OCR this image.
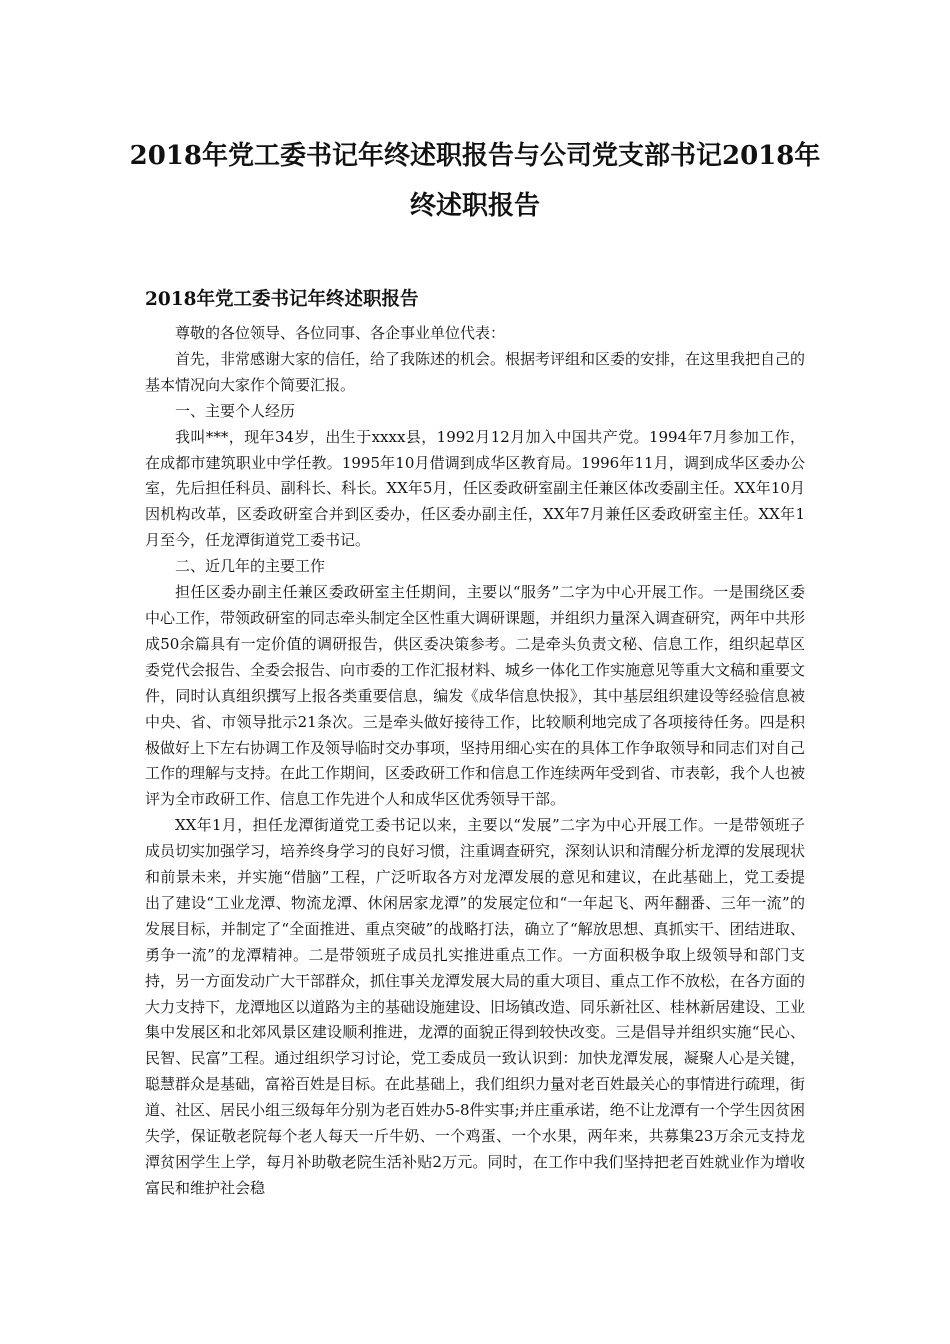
2018年党工委书记年终述职报告与公司党支部书记2018年终述职报告
2018年党工委书记年终述职报告

尊敬的各位领导、各位同事、各企事业单位代表：

首先，非常感谢大家的信任，给了我陈述的机会。根据考评组和区委的安排，在这里我把自己的基本情况向大家作个简要汇报。

一、主要个人经历

我叫***，现年34岁，出生于xxxx县，1992月12月加入中国共产党。1994年7月参加工作，在成都市建筑职业中学任教。1995年10月借调到成华区教育局。1996年11月，调到成华区委办公室，先后担任科员、副科长、科长。XX年5月，任区委政研室副主任兼区体改委副主任。XX年10月因机构改革，区委政研室合并到区委办，任区委办副主任，XX年7月兼任区委政研室主任。XX年1月至今，任龙潭街道党工委书记。

二、近几年的主要工作

担任区委办副主任兼区委政研室主任期间，主要以“服务”二字为中心开展工作。一是围绕区委中心工作，带领政研室的同志牵头制定全区性重大调研课题，并组织力量深入调查研究，两年中共形成50余篇具有一定价值的调研报告，供区委决策参考。二是牵头负责文秘、信息工作，组织起草区委党代会报告、全委会报告、向市委的工作汇报材料、城乡一体化工作实施意见等重大文稿和重要文件，同时认真组织撰写上报各类重要信息，编发《成华信息快报》，其中基层组织建设等经验信息被中央、省、市领导批示21条次。三是牵头做好接待工作，比较顺利地完成了各项接待任务。四是积极做好上下左右协调工作及领导临时交办事项，坚持用细心实在的具体工作争取领导和同志们对自己工作的理解与支持。在此工作期间，区委政研工作和信息工作连续两年受到省、市表彰，我个人也被评为全市政研工作、信息工作先进个人和成华区优秀领导干部。

XX年1月，担任龙潭街道党工委书记以来，主要以“发展”二字为中心开展工作。一是带领班子成员切实加强学习，培养终身学习的良好习惯，注重调查研究，深刻认识和清醒分析龙潭的发展现状和前景未来，并实施“借脑”工程，广泛听取各方对龙潭发展的意见和建议，在此基础上，党工委提出了建设“工业龙潭、物流龙潭、休闲居家龙潭”的发展定位和“一年起飞、两年翻番、三年一流”的发展目标，并制定了“全面推进、重点突破”的战略打法，确立了“解放思想、真抓实干、团结进取、勇争一流”的龙潭精神。二是带领班子成员扎实推进重点工作。一方面积极争取上级领导和部门支持，另一方面发动广大干部群众，抓住事关龙潭发展大局的重大项目、重点工作不放松，在各方面的大力支持下，龙潭地区以道路为主的基础设施建设、旧场镇改造、同乐新社区、桂林新居建设、工业集中发展区和北郊风景区建设顺利推进，龙潭的面貌正得到较快改变。三是倡导并组织实施“民心、民智、民富”工程。通过组织学习讨论，党工委成员一致认识到：加快龙潭发展，凝聚人心是关键，聪慧群众是基础，富裕百姓是目标。在此基础上，我们组织力量对老百姓最关心的事情进行疏理，街道、社区、居民小组三级每年分别为老百姓办5-8件实事;并庄重承诺，绝不让龙潭有一个学生因贫困失学，保证敬老院每个老人每天一斤牛奶、一个鸡蛋、一个水果，两年来，共募集23万余元支持龙潭贫困学生上学，每月补助敬老院生活补贴2万元。同时，在工作中我们坚持把老百姓就业作为增收富民和维护社会稳
